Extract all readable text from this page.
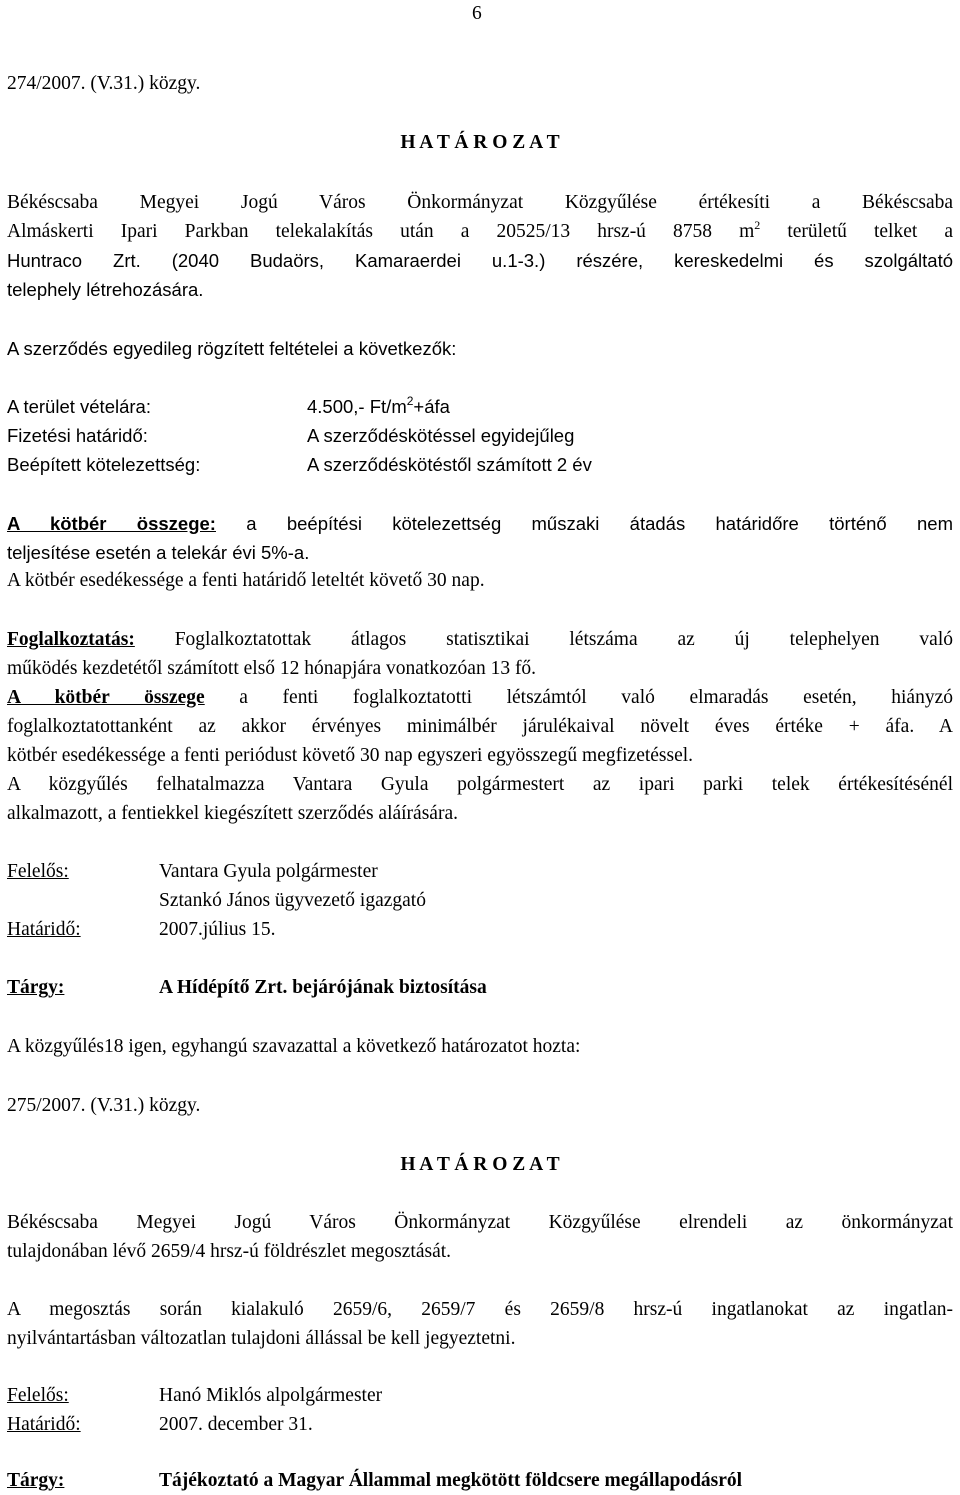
6
274/2007. (V.31.) közgy.
H A T Á R O Z A T
Békéscsaba Megyei Jogú Város Önkormányzat Közgyűlése értékesíti a Békéscsaba
Almáskerti Ipari Parkban telekalakítás után a 20525/13 hrsz-ú 8758 $m^2$ területű telket a
Huntraco Zrt. (2040 Budaörs, Kamaraerdei u.1-3.) részére, kereskedelmi és szolgáltató
telephely létrehozására.
A szerződés egyedileg rögzített feltételei a következők:
A terület vételára:	4.500,- $Ft/m^2+áfa$
Fizetési határidő:	A szerződéskötéssel egyidejűleg
Beépített kötelezettség:	A szerződéskötéstől számított 2 év
A kötbér összege: a beépítési kötelezettség műszaki átadás határidőre történő nem
teljesítése esetén a telekár évi 5%-a.
A kötbér esedékessége a fenti határidő leteltét követő 30 nap.
Foglalkoztatás: Foglalkoztatottak átlagos statisztikai létszáma az új telephelyen való
működés kezdetétől számított első 12 hónapjára vonatkozóan 13 fő.
A kötbér összege a fenti foglalkoztatotti létszámtól való elmaradás esetén, hiányzó
foglalkoztatottanként az akkor érvényes minimálbér járulékaival növelt éves értéke + áfa. A
kötbér esedékessége a fenti periódust követő 30 nap egyszeri egyösszegű megfizetéssel.
A közgyűlés felhatalmazza Vantara Gyula polgármestert az ipari parki telek értékesítésénél
alkalmazott, a fentiekkel kiegészített szerződés aláírására.
Felelős:	Vantara Gyula polgármester
Sztankó János ügyvezető igazgató
Határidő:	2007.július 15.
Tárgy:	A Hídépítő Zrt. bejárójának biztosítása
A közgyűlés18 igen, egyhangú szavazattal a következő határozatot hozta:
275/2007. (V.31.) közgy.
H A T Á R O Z A T
Békéscsaba Megyei Jogú Város Önkormányzat Közgyűlése elrendeli az önkormányzat
tulajdonában lévő 2659/4 hrsz-ú földrészlet megosztását.
A megosztás során kialakuló 2659/6, 2659/7 és 2659/8 hrsz-ú ingatlanokat az ingatlan-
nyilvántartásban változatlan tulajdoni állással be kell jegyeztetni.
Felelős:	Hanó Miklós alpolgármester
Határidő:	2007. december 31.
Tárgy:	Tájékoztató a Magyar Állammal megkötött földcsere megállapodásról
